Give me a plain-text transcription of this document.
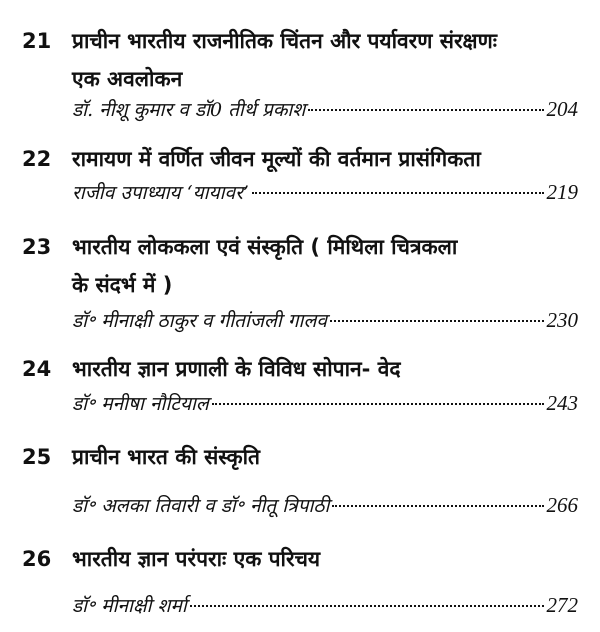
21 प्राचीन भारतीय राजनीतिक चिंतन और पर्यावरण संरक्षणः
एक अवलोकन
डॉ. नीशू कुमार व डॉ0 तीर्थ प्रकाश	204
22 रामायण में वर्णित जीवन मूल्यों की वर्तमान प्रासंगिकता
राजीव उपाध्याय ‘यायावर’	219
23 भारतीय लोककला एवं संस्कृति ( मिथिला चित्रकला
के संदर्भ में )
डॉ॰ मीनाक्षी ठाकुर व गीतांजली गालव	230
24 भारतीय ज्ञान प्रणाली के विविध सोपान- वेद
डॉ॰ मनीषा नौटियाल	243
25 प्राचीन भारत की संस्कृति
डॉ॰ अलका तिवारी व डॉ॰ नीतू त्रिपाठी	266
26 भारतीय ज्ञान परंपराः एक परिचय
डॉ॰ मीनाक्षी शर्मा	272
